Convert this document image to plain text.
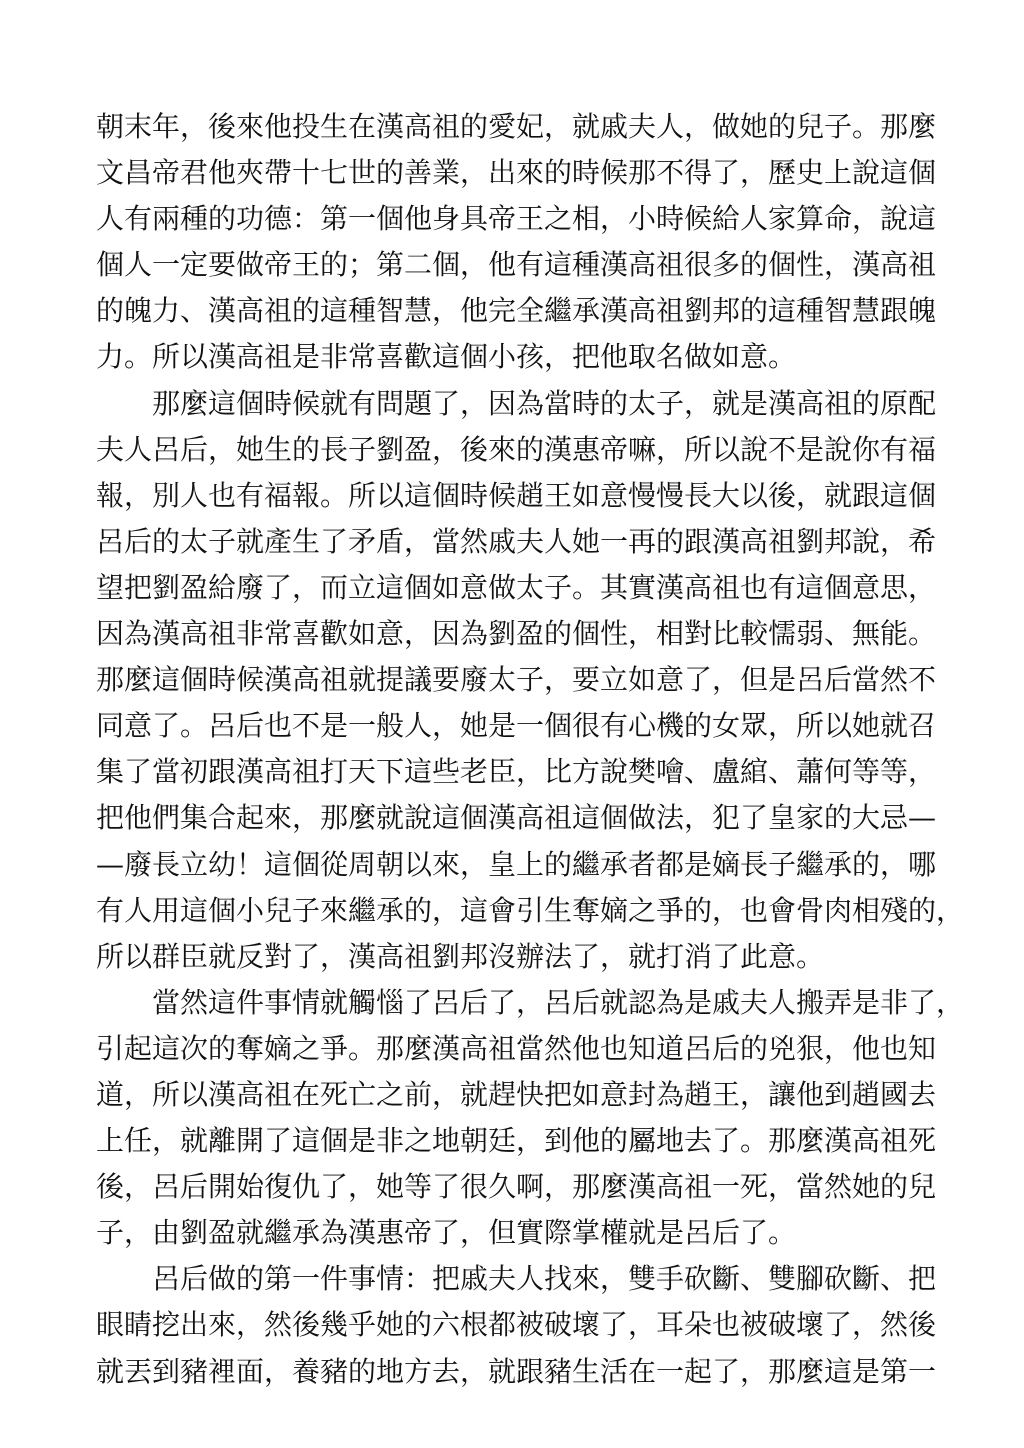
朝末年，後來他投生在漢高祖的愛妃，就戚夫人，做她的兒子。那麼
文昌帝君他夾帶十七世的善業，出來的時候那不得了，歷史上說這個
人有兩種的功德：第一個他身具帝王之相，小時候給人家算命，說這
個人一定要做帝王的；第二個，他有這種漢高祖很多的個性，漢高祖
的魄力、漢高祖的這種智慧，他完全繼承漢高祖劉邦的這種智慧跟魄
力。所以漢高祖是非常喜歡這個小孩，把他取名做如意。
那麼這個時候就有問題了，因為當時的太子，就是漢高祖的原配
夫人呂后，她生的長子劉盈，後來的漢惠帝嘛，所以說不是說你有福
報，別人也有福報。所以這個時候趙王如意慢慢長大以後，就跟這個
呂后的太子就產生了矛盾，當然戚夫人她一再的跟漢高祖劉邦說，希
望把劉盈給廢了，而立這個如意做太子。其實漢高祖也有這個意思，
因為漢高祖非常喜歡如意，因為劉盈的個性，相對比較懦弱、無能。
那麼這個時候漢高祖就提議要廢太子，要立如意了，但是呂后當然不
同意了。呂后也不是一般人，她是一個很有心機的女眾，所以她就召
集了當初跟漢高祖打天下這些老臣，比方說樊噲、盧綰、蕭何等等，
把他們集合起來，那麼就說這個漢高祖這個做法，犯了皇家的大忌—
—廢長立幼！這個從周朝以來，皇上的繼承者都是嫡長子繼承的，哪
有人用這個小兒子來繼承的，這會引生奪嫡之爭的，也會骨肉相殘的，
所以群臣就反對了，漢高祖劉邦沒辦法了，就打消了此意。
當然這件事情就觸惱了呂后了，呂后就認為是戚夫人搬弄是非了，
引起這次的奪嫡之爭。那麼漢高祖當然他也知道呂后的兇狠，他也知
道，所以漢高祖在死亡之前，就趕快把如意封為趙王，讓他到趙國去
上任，就離開了這個是非之地朝廷，到他的屬地去了。那麼漢高祖死
後，呂后開始復仇了，她等了很久啊，那麼漢高祖一死，當然她的兒
子，由劉盈就繼承為漢惠帝了，但實際掌權就是呂后了。
呂后做的第一件事情：把戚夫人找來，雙手砍斷、雙腳砍斷、把
眼睛挖出來，然後幾乎她的六根都被破壞了，耳朵也被破壞了，然後
就丟到豬裡面，養豬的地方去，就跟豬生活在一起了，那麼這是第一
